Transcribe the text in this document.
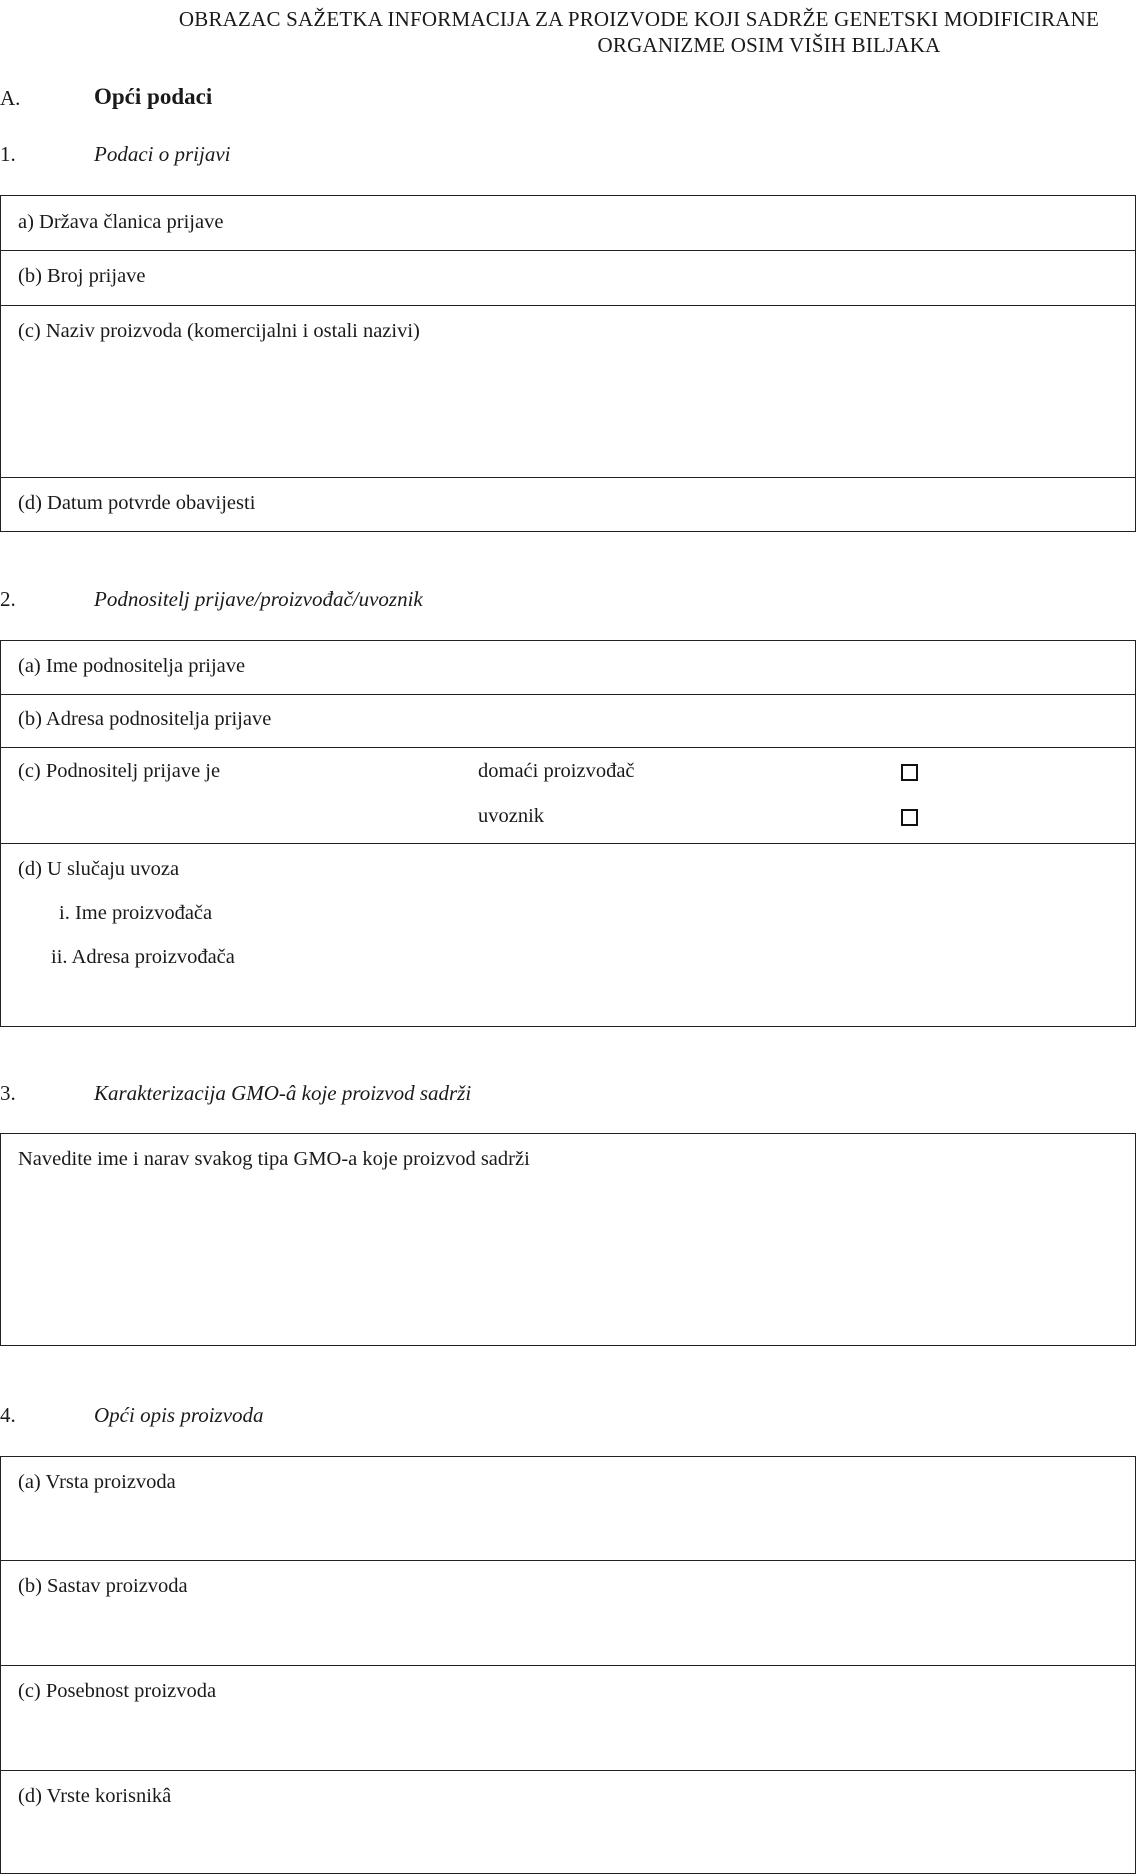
OBRAZAC SAŽETKA INFORMACIJA ZA PROIZVODE KOJI SADRŽE GENETSKI MODIFICIRANE
ORGANIZME OSIM VIŠIH BILJAKA
A.	Opći podaci
1.	Podaci o prijavi
a) Država članica prijave
(b) Broj prijave
(c) Naziv proizvoda (komercijalni i ostali nazivi)
(d) Datum potvrde obavijesti
2.	Podnositelj prijave/proizvođač/uvoznik
(a) Ime podnositelja prijave
(b) Adresa podnositelja prijave
(c) Podnositelj prijave je	domaći proizvođač
uvoznik
(d) U slučaju uvoza
i. Ime proizvođača
ii. Adresa proizvođača
3.	Karakterizacija GMO-â koje proizvod sadrži
Navedite ime i narav svakog tipa GMO-a koje proizvod sadrži
4.	Opći opis proizvoda
(a) Vrsta proizvoda
(b) Sastav proizvoda
(c) Posebnost proizvoda
(d) Vrste korisnikâ
